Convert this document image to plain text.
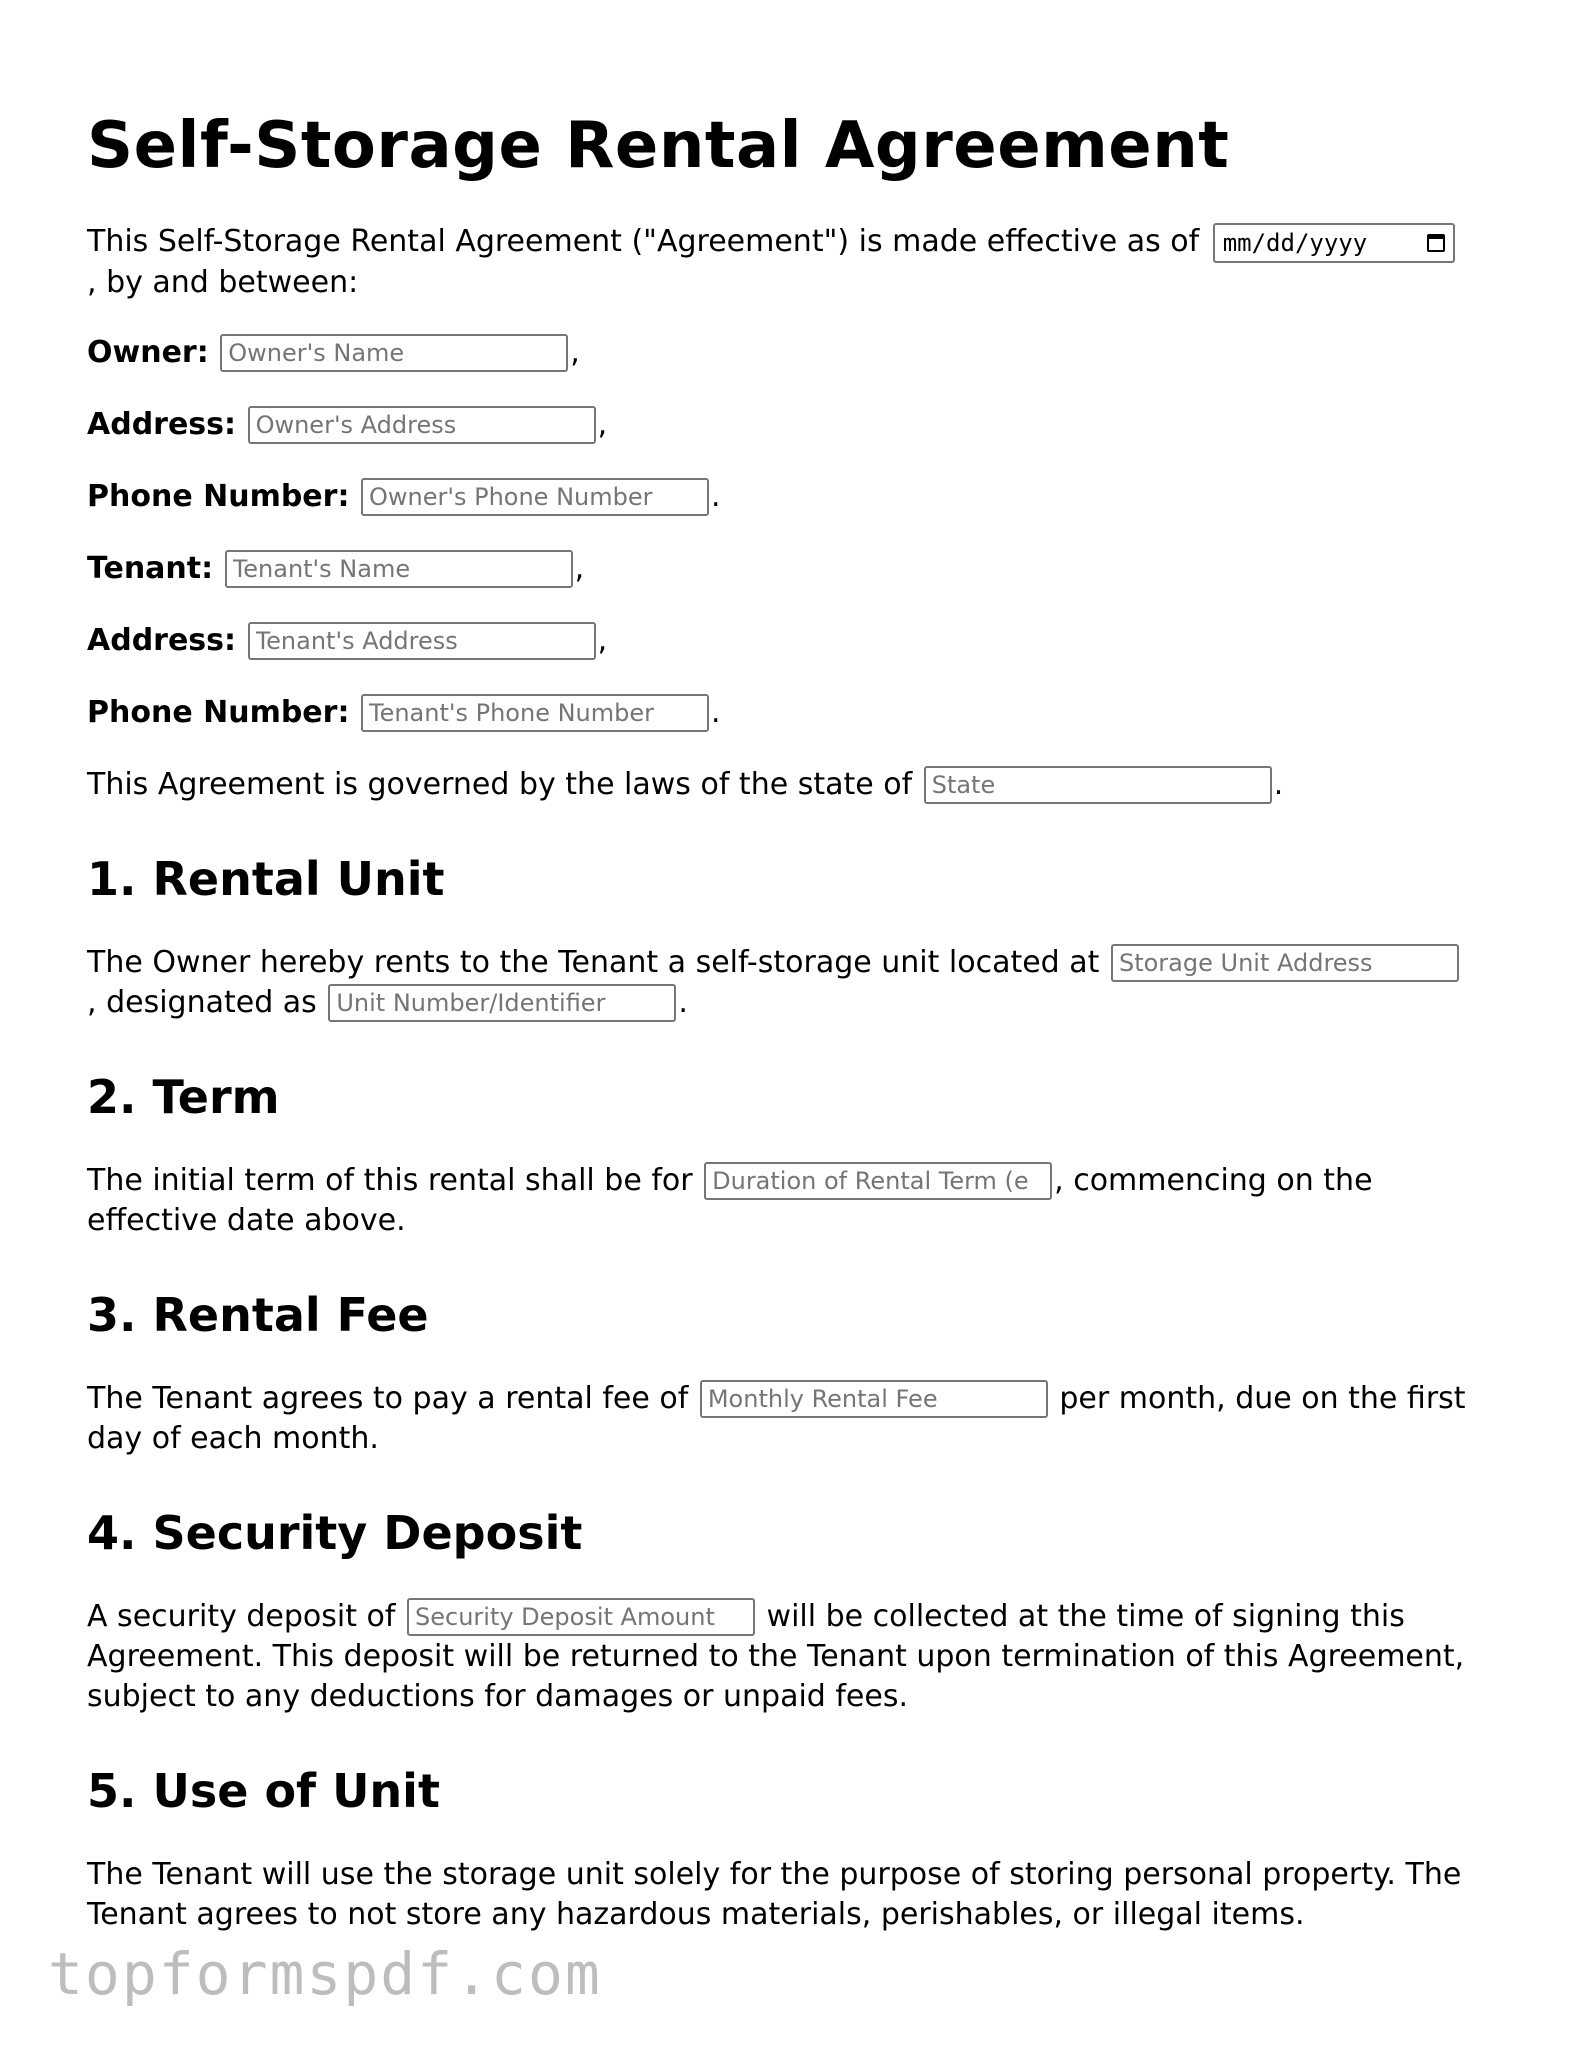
Self-Storage Rental Agreement

This Self-Storage Rental Agreement ("Agreement") is made effective as of mm/dd/yyyy

, by and between:

Owner: Owner's Name	,
Address: Owner's Address	,
Phone Number: Owner's Phone Number	.
Tenant: Tenant's Name	,
Address: Tenant's Address	,
Phone Number: Tenant's Phone Number	.

This Agreement is governed by the laws of the state of State	.

1. Rental Unit

The Owner hereby rents to the Tenant a self-storage unit located at Storage Unit Address
, designated as Unit Number/Identifier	.

2. Term

The initial term of this rental shall be for Duration of Rental Term (e	, commencing on the effective date above.

3. Rental Fee

The Tenant agrees to pay a rental fee of Monthly Rental Fee	per month, due on the first day of each month.

4. Security Deposit

A security deposit of Security Deposit Amount	will be collected at the time of signing this Agreement. This deposit will be returned to the Tenant upon termination of this Agreement, subject to any deductions for damages or unpaid fees.

5. Use of Unit

The Tenant will use the storage unit solely for the purpose of storing personal property. The Tenant agrees to not store any hazardous materials, perishables, or illegal items.

topformspdf.com
